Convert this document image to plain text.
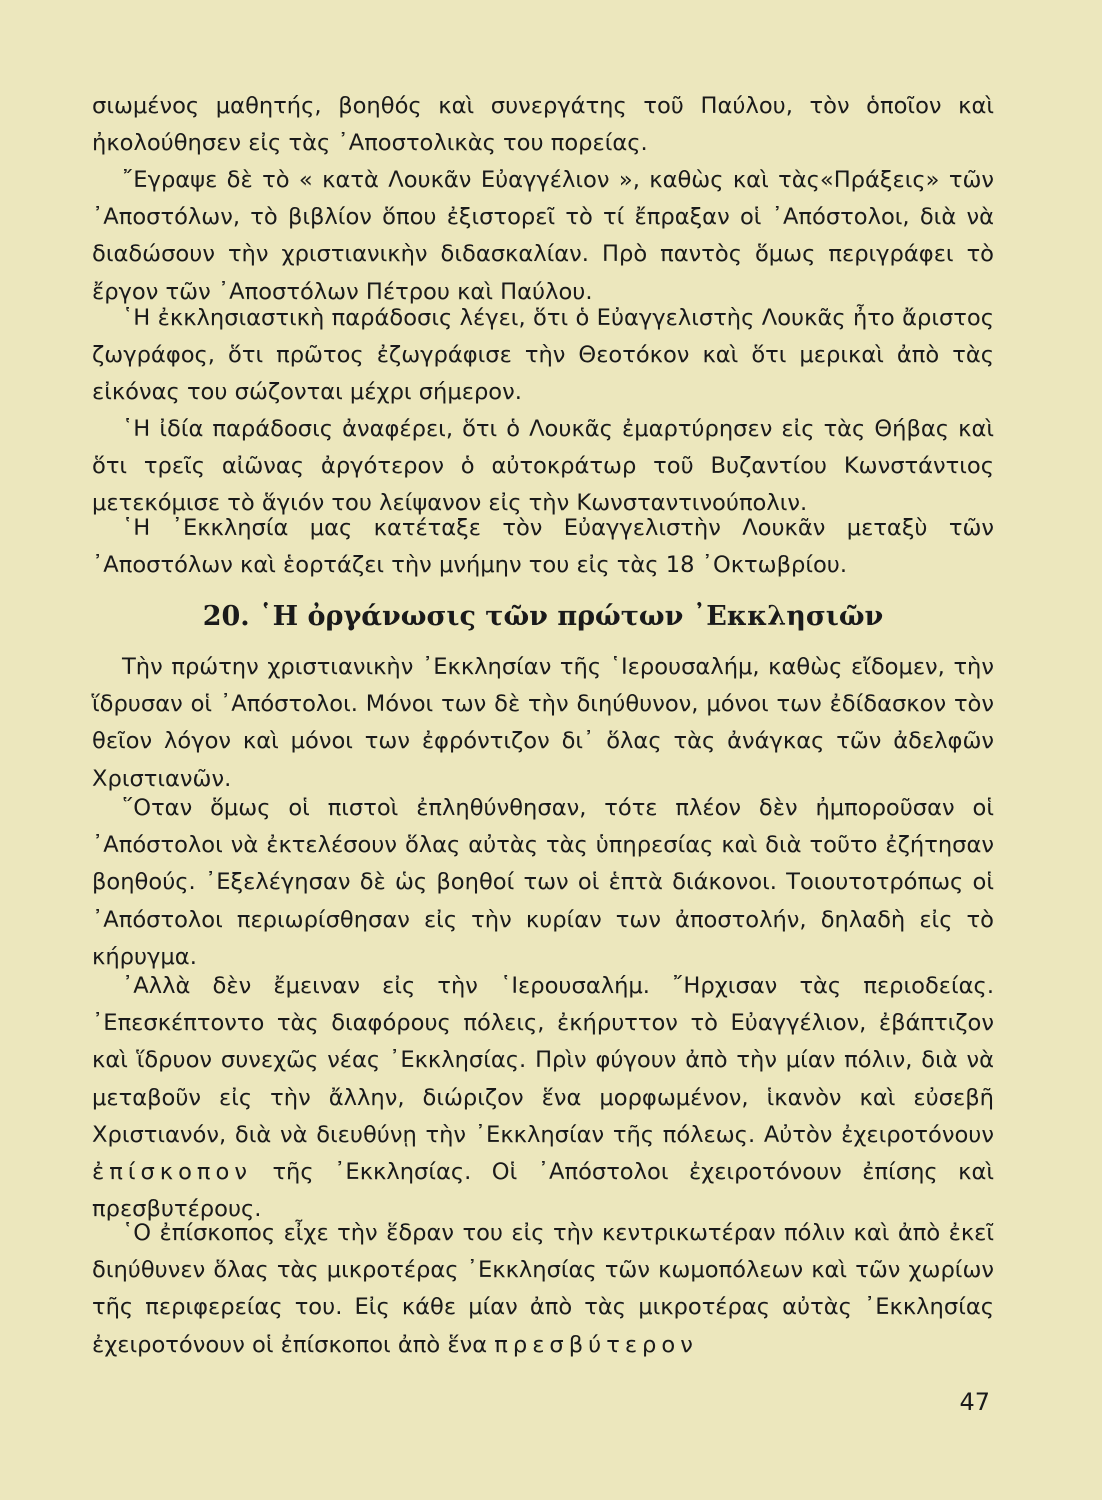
σιωμένος μαθητής, βοηθός καὶ συνεργάτης τοῦ Παύλου, τὸν ὁποῖον καὶ ἠκολούθησεν εἰς τὰς ᾽Αποστολικὰς του πορείας.

῎Εγραψε δὲ τὸ « κατὰ Λουκᾶν Εὐαγγέλιον », καθὼς καὶ τὰς«Πράξεις» τῶν ᾽Αποστόλων, τὸ βιβλίον ὅπου ἐξιστορεῖ τὸ τί ἔπραξαν οἱ ᾽Απόστολοι, διὰ νὰ διαδώσουν τὴν χριστιανικὴν διδασκαλίαν. Πρὸ παντὸς ὅμως περιγράφει τὸ ἔργον τῶν ᾽Αποστόλων Πέτρου καὶ Παύλου.

῾Η ἐκκλησιαστικὴ παράδοσις λέγει, ὅτι ὁ Εὐαγγελιστὴς Λουκᾶς ἦτο ἄριστος ζωγράφος, ὅτι πρῶτος ἐζωγράφισε τὴν Θεοτόκον καὶ ὅτι μερικαὶ ἀπὸ τὰς εἰκόνας του σώζονται μέχρι σήμερον.

῾Η ἰδία παράδοσις ἀναφέρει, ὅτι ὁ Λουκᾶς ἐμαρτύρησεν εἰς τὰς Θήβας καὶ ὅτι τρεῖς αἰῶνας ἀργότερον ὁ αὐτοκράτωρ τοῦ Βυζαντίου Κωνστάντιος μετεκόμισε τὸ ἅγιόν του λείψανον εἰς τὴν Κωνσταντινούπολιν.

῾Η ᾽Εκκλησία μας κατέταξε τὸν Εὐαγγελιστὴν Λουκᾶν μεταξὺ τῶν ᾽Αποστόλων καὶ ἑορτάζει τὴν μνήμην του εἰς τὰς 18 ᾽Οκτωβρίου.

20. ῾Η ὀργάνωσις τῶν πρώτων ᾽Εκκλησιῶν

Τὴν πρώτην χριστιανικὴν ᾽Εκκλησίαν τῆς ῾Ιερουσαλήμ, καθὼς εἴδομεν, τὴν ἵδρυσαν οἱ ᾽Απόστολοι. Μόνοι των δὲ τὴν διηύθυνον, μόνοι των ἐδίδασκον τὸν θεῖον λόγον καὶ μόνοι των ἐφρόντιζον δι᾽ ὅλας τὰς ἀνάγκας τῶν ἀδελφῶν Χριστιανῶν.

῞Οταν ὅμως οἱ πιστοὶ ἐπληθύνθησαν, τότε πλέον δὲν ἠμποροῦσαν οἱ ᾽Απόστολοι νὰ ἐκτελέσουν ὅλας αὐτὰς τὰς ὑπηρεσίας καὶ διὰ τοῦτο ἐζήτησαν βοηθούς. ᾽Εξελέγησαν δὲ ὡς βοηθοί των οἱ ἑπτὰ διάκονοι. Τοιουτοτρόπως οἱ ᾽Απόστολοι περιωρίσθησαν εἰς τὴν κυρίαν των ἀποστολήν, δηλαδὴ εἰς τὸ κήρυγμα.

᾽Αλλὰ δὲν ἔμειναν εἰς τὴν ῾Ιερουσαλήμ. ῎Ηρχισαν τὰς περιοδείας. ᾽Επεσκέπτοντο τὰς διαφόρους πόλεις, ἐκήρυττον τὸ Εὐαγγέλιον, ἐβάπτιζον καὶ ἵδρυον συνεχῶς νέας ᾽Εκκλησίας. Πρὶν φύγουν ἀπὸ τὴν μίαν πόλιν, διὰ νὰ μεταβοῦν εἰς τὴν ἄλλην, διώριζον ἕνα μορφωμένον, ἱκανὸν καὶ εὐσεβῆ Χριστιανόν, διὰ νὰ διευθύνῃ τὴν ᾽Εκκλησίαν τῆς πόλεως. Αὐτὸν ἐχειροτόνουν ἐπίσκοπον τῆς ᾽Εκκλησίας. Οἱ ᾽Απόστολοι ἐχειροτόνουν ἐπίσης καὶ πρεσβυτέρους.

῾Ο ἐπίσκοπος εἶχε τὴν ἕδραν του εἰς τὴν κεντρικωτέραν πόλιν καὶ ἀπὸ ἐκεῖ διηύθυνεν ὅλας τὰς μικροτέρας ᾽Εκκλησίας τῶν κωμοπόλεων καὶ τῶν χωρίων τῆς περιφερείας του. Εἰς κάθε μίαν ἀπὸ τὰς μικροτέρας αὐτὰς ᾽Εκκλησίας ἐχειροτόνουν οἱ ἐπίσκοποι ἀπὸ ἕνα πρεσβύτερον

47
